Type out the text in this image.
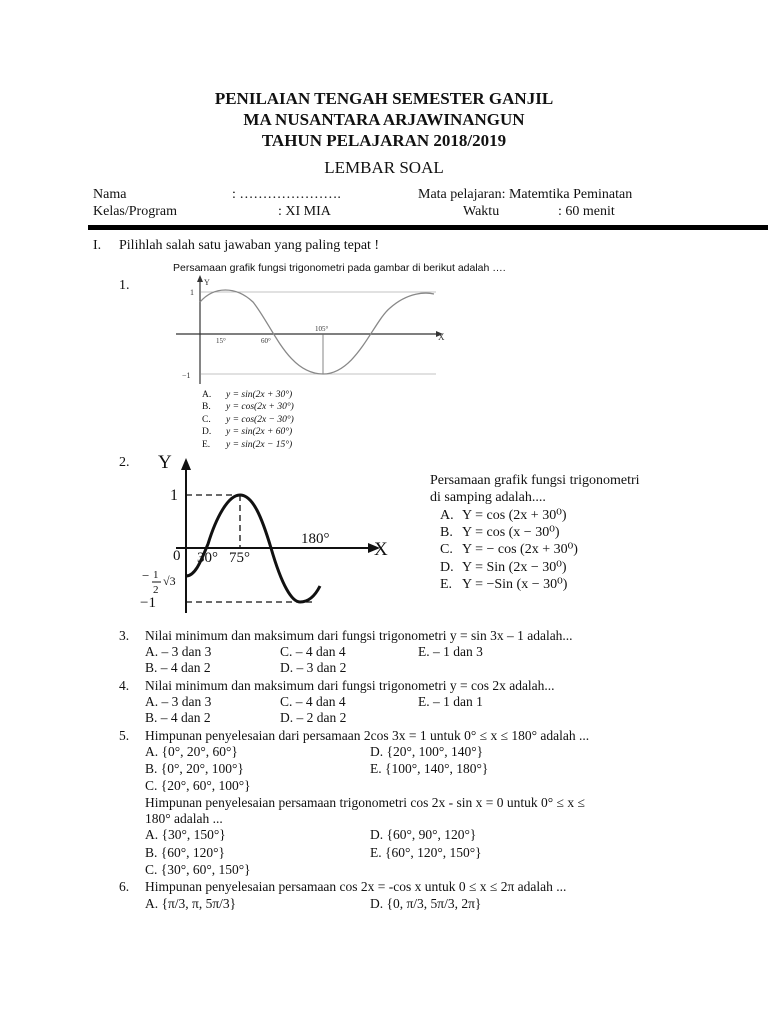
PENILAIAN TENGAH SEMESTER GANJIL
MA NUSANTARA ARJAWINANGUN
TAHUN PELAJARAN 2018/2019
LEMBAR SOAL
Nama	: ………………….	Mata pelajaran: Matemtika Peminatan
Kelas/Program	: XI MIA	Waktu	: 60 menit
I. Pilihlah salah satu jawaban yang paling tepat !
1.
Persamaan grafik fungsi trigonometri pada gambar di berikut adalah ….
Y
X
1
−1
15°	60°
105°
A. y = sin(2x + 30°)
B. y = cos(2x + 30°)
C. y = cos(2x − 30°)
D. y = sin(2x + 60°)
E. y = sin(2x − 15°)
2. Y
X
1
0
− 1
2
√3
−1
30° 75°
180°
Persamaan grafik fungsi trigonometri
di samping adalah....
A. Y = cos (2x + 30⁰)
B. Y = cos (x − 30⁰)
C. Y = − cos (2x + 30⁰)
D. Y = Sin (2x − 30⁰)
E. Y = −Sin (x − 30⁰)
3. Nilai minimum dan maksimum dari fungsi trigonometri y = sin 3x – 1 adalah...
A. – 3 dan 3	C. – 4 dan 4	E. – 1 dan 3
B. – 4 dan 2	D. – 3 dan 2
4. Nilai minimum dan maksimum dari fungsi trigonometri y = cos 2x adalah...
A. – 3 dan 3	C. – 4 dan 4	E. – 1 dan 1
B. – 4 dan 2	D. – 2 dan 2
5. Himpunan penyelesaian dari persamaan 2cos 3x = 1 untuk 0° ≤ x ≤ 180° adalah ...
A. {0°, 20°, 60°}	D. {20°, 100°, 140°}
B. {0°, 20°, 100°}	E. {100°, 140°, 180°}
C. {20°, 60°, 100°}
Himpunan penyelesaian persamaan trigonometri cos 2x - sin x = 0 untuk 0° ≤ x ≤
180° adalah ...
A. {30°, 150°}	D. {60°, 90°, 120°}
B. {60°, 120°}	E. {60°, 120°, 150°}
C. {30°, 60°, 150°}
6. Himpunan penyelesaian persamaan cos 2x = -cos x untuk 0 ≤ x ≤ 2π adalah ...
A. {π/3, π, 5π/3}	D. {0, π/3, 5π/3, 2π}
